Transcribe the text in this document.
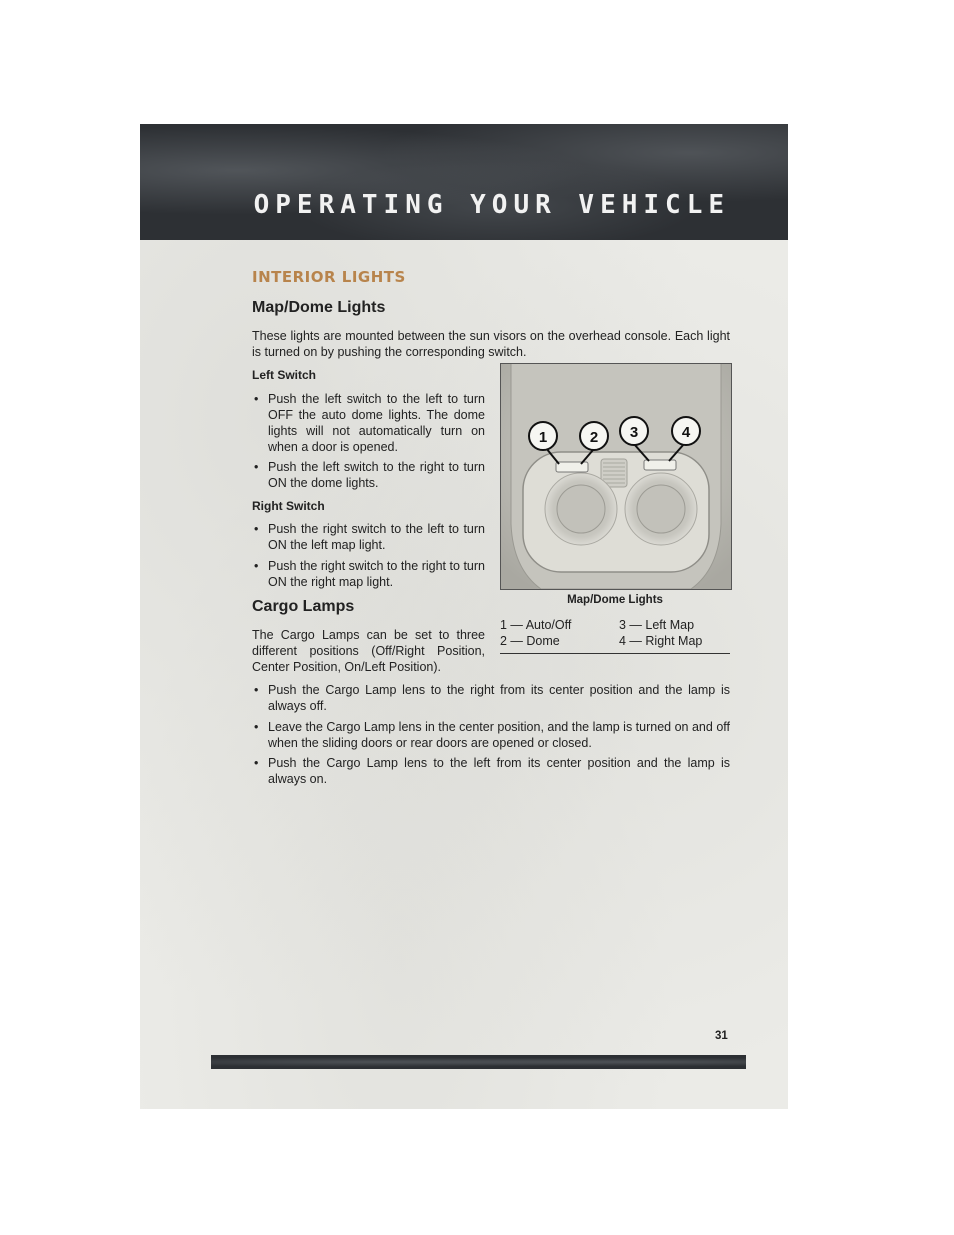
OPERATING YOUR VEHICLE
INTERIOR LIGHTS
Map/Dome Lights

These lights are mounted between the sun visors on the overhead console. Each light is turned on by pushing the corresponding switch.

Left Switch
• Push the left switch to the left to turn OFF the auto dome lights. The dome lights will not automatically turn on when a door is opened.
• Push the left switch to the right to turn ON the dome lights.
Right Switch
• Push the right switch to the left to turn ON the left map light.
• Push the right switch to the right to turn ON the right map light.
1	2 3	4
Map/Dome Lights
1 — Auto/Off	3 — Left Map
2 — Dome	4 — Right Map
Cargo Lamps

The Cargo Lamps can be set to three different positions (Off/Right Position, Center Position, On/Left Position).

• Push the Cargo Lamp lens to the right from its center position and the lamp is always off.
• Leave the Cargo Lamp lens in the center position, and the lamp is turned on and off when the sliding doors or rear doors are opened or closed.
• Push the Cargo Lamp lens to the left from its center position and the lamp is always on.
31
